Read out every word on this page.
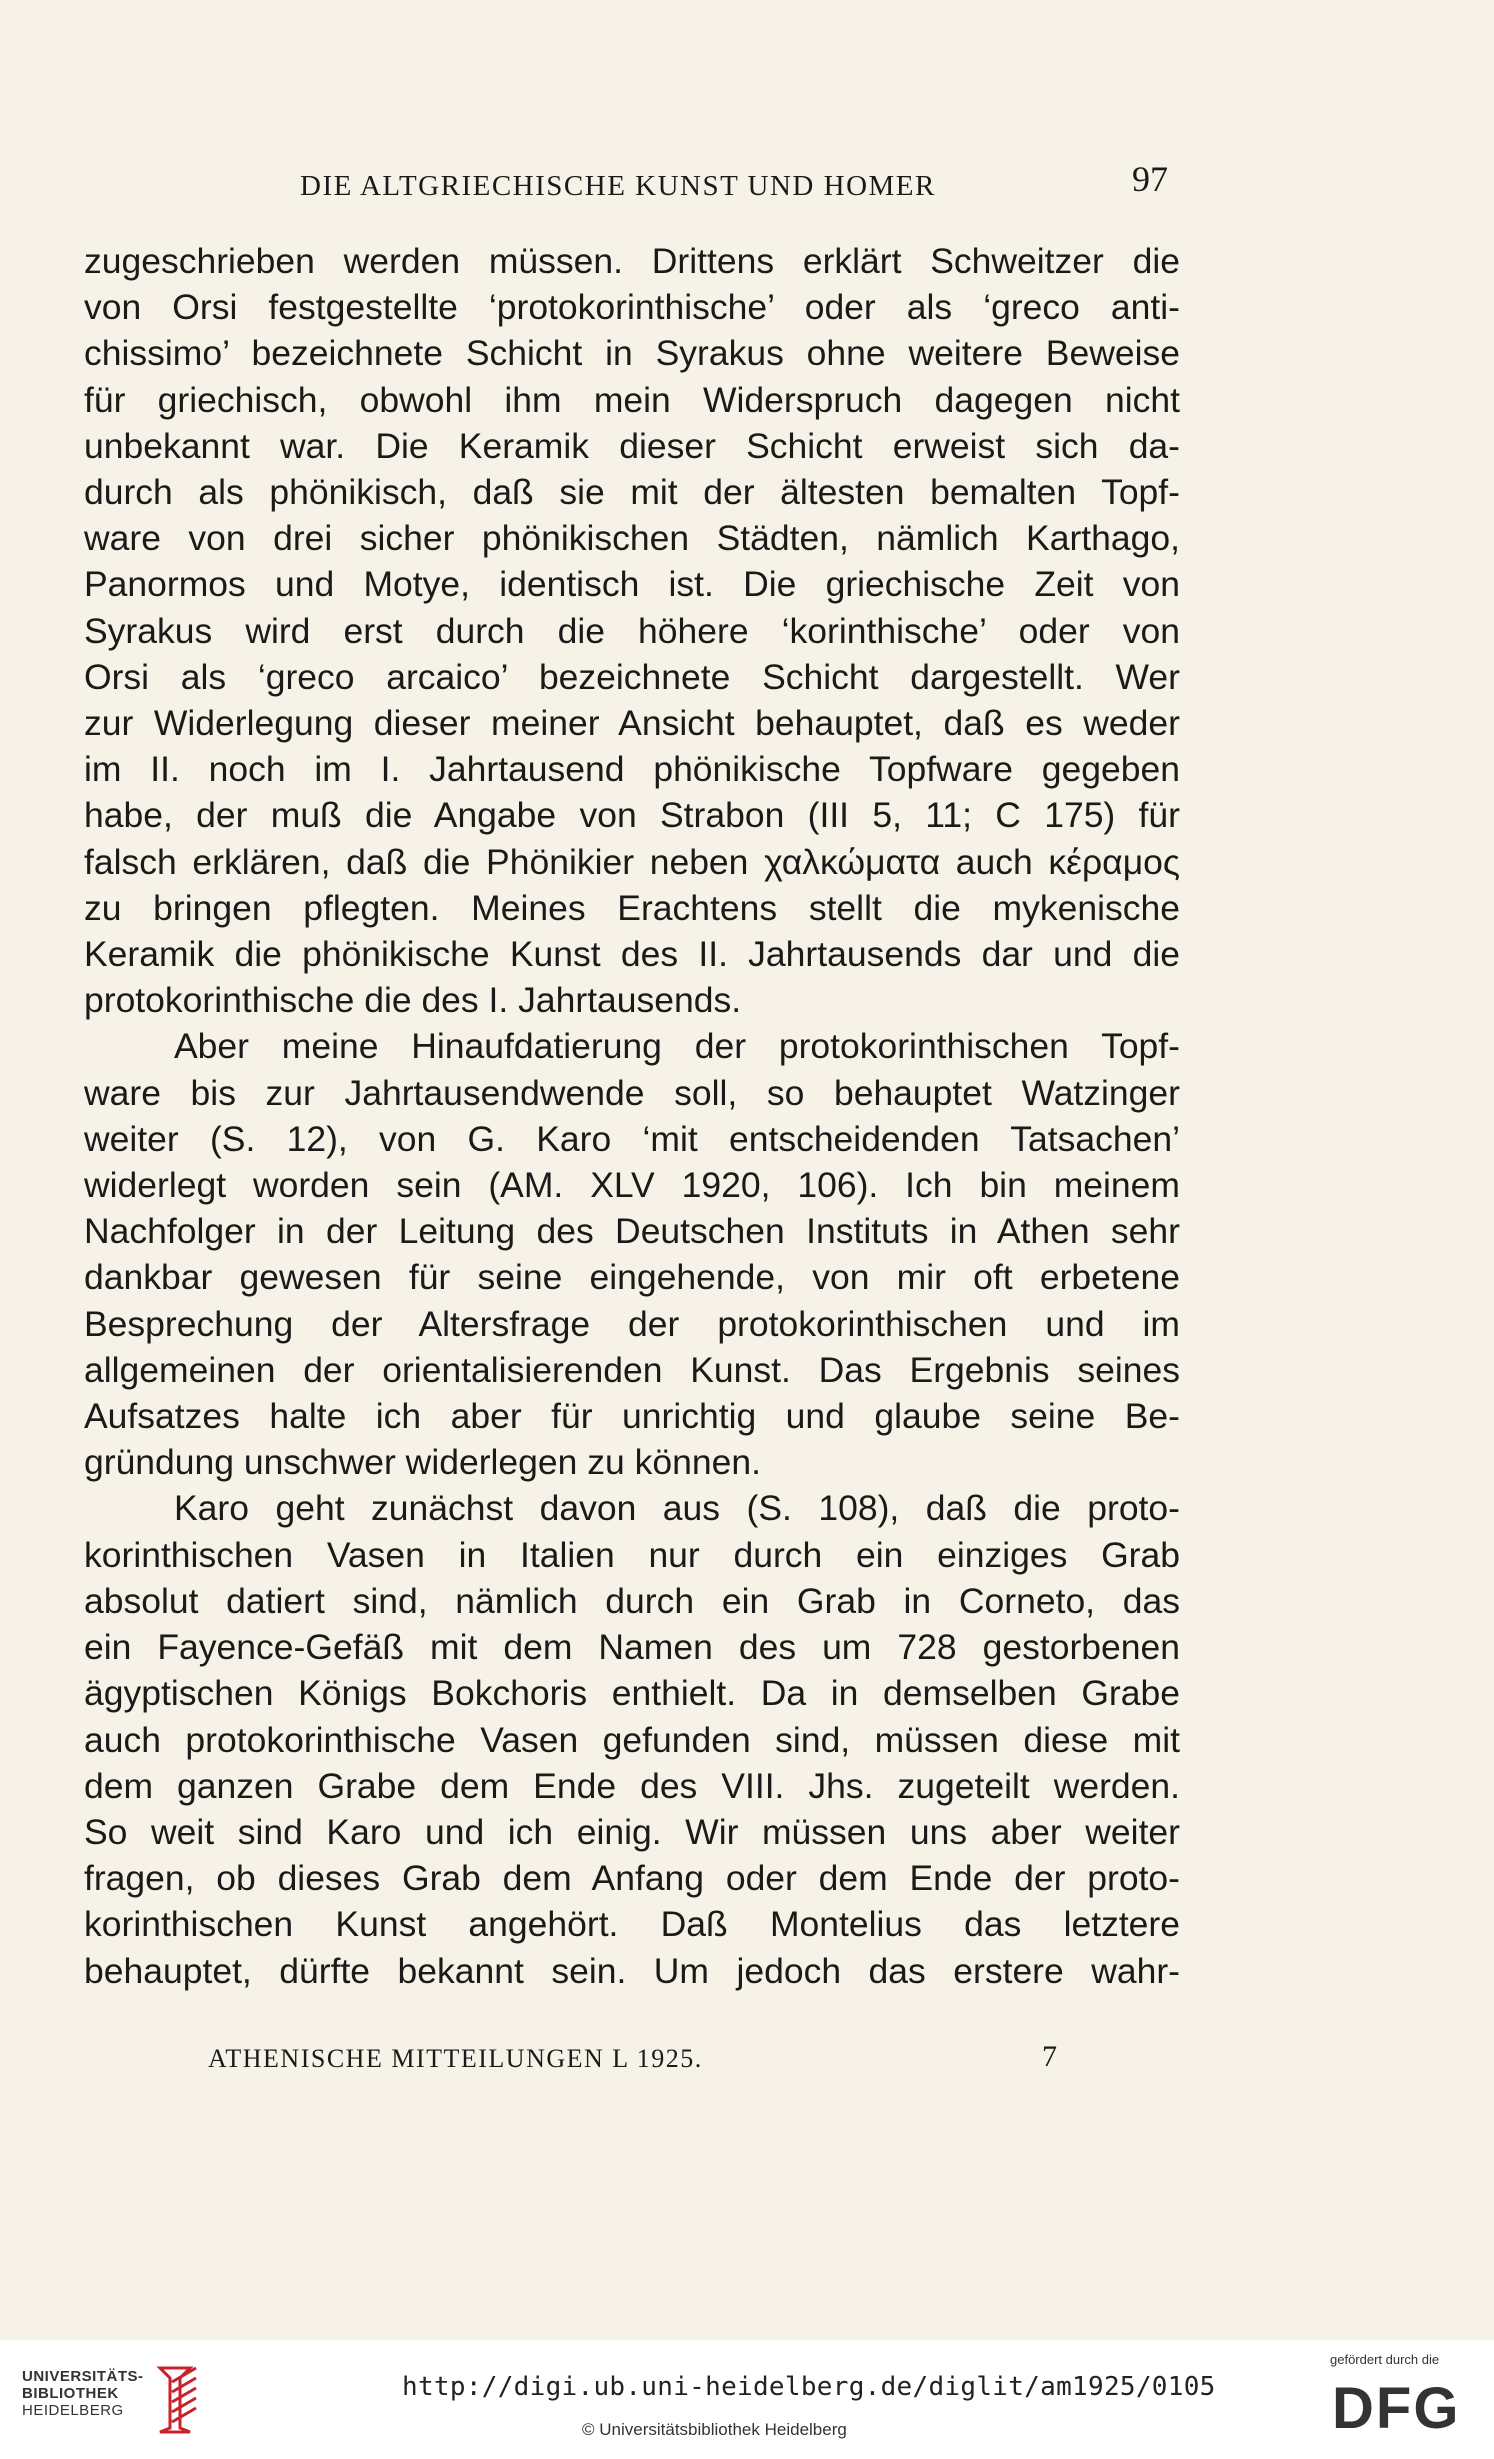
DIE ALTGRIECHISCHE KUNST UND HOMER	97

zugeschrieben werden müssen. Drittens erklärt Schweitzer die
von Orsi festgestellte ‘protokorinthische’ oder als ‘greco anti-
chissimo’ bezeichnete Schicht in Syrakus ohne weitere Beweise
für griechisch, obwohl ihm mein Widerspruch dagegen nicht
unbekannt war. Die Keramik dieser Schicht erweist sich da-
durch als phönikisch, daß sie mit der ältesten bemalten Topf-
ware von drei sicher phönikischen Städten, nämlich Karthago,
Panormos und Motye, identisch ist. Die griechische Zeit von
Syrakus wird erst durch die höhere ‘korinthische’ oder von
Orsi als ‘greco arcaico’ bezeichnete Schicht dargestellt. Wer
zur Widerlegung dieser meiner Ansicht behauptet, daß es weder
im II. noch im I. Jahrtausend phönikische Topfware gegeben
habe, der muß die Angabe von Strabon (III 5, 11; C 175) für
falsch erklären, daß die Phönikier neben χαλκώματα auch κέραμος
zu bringen pflegten. Meines Erachtens stellt die mykenische
Keramik die phönikische Kunst des II. Jahrtausends dar und die
protokorinthische die des I. Jahrtausends.

Aber meine Hinaufdatierung der protokorinthischen Topf-
ware bis zur Jahrtausendwende soll, so behauptet Watzinger
weiter (S. 12), von G. Karo ‘mit entscheidenden Tatsachen’
widerlegt worden sein (AM. XLV 1920, 106). Ich bin meinem
Nachfolger in der Leitung des Deutschen Instituts in Athen sehr
dankbar gewesen für seine eingehende, von mir oft erbetene
Besprechung der Altersfrage der protokorinthischen und im
allgemeinen der orientalisierenden Kunst. Das Ergebnis seines
Aufsatzes halte ich aber für unrichtig und glaube seine Be-
gründung unschwer widerlegen zu können.

Karo geht zunächst davon aus (S. 108), daß die proto-
korinthischen Vasen in Italien nur durch ein einziges Grab
absolut datiert sind, nämlich durch ein Grab in Corneto, das
ein Fayence-Gefäß mit dem Namen des um 728 gestorbenen
ägyptischen Königs Bokchoris enthielt. Da in demselben Grabe
auch protokorinthische Vasen gefunden sind, müssen diese mit
dem ganzen Grabe dem Ende des VIII. Jhs. zugeteilt werden.
So weit sind Karo und ich einig. Wir müssen uns aber weiter
fragen, ob dieses Grab dem Anfang oder dem Ende der proto-
korinthischen Kunst angehört. Daß Montelius das letztere
behauptet, dürfte bekannt sein. Um jedoch das erstere wahr-

ATHENISCHE MITTEILUNGEN L 1925.	7
UNIVERSITÄTS-
BIBLIOTHEK
HEIDELBERG
http://digi.ub.uni-heidelberg.de/diglit/am1925/0105
© Universitätsbibliothek Heidelberg
gefördert durch die
DFG
